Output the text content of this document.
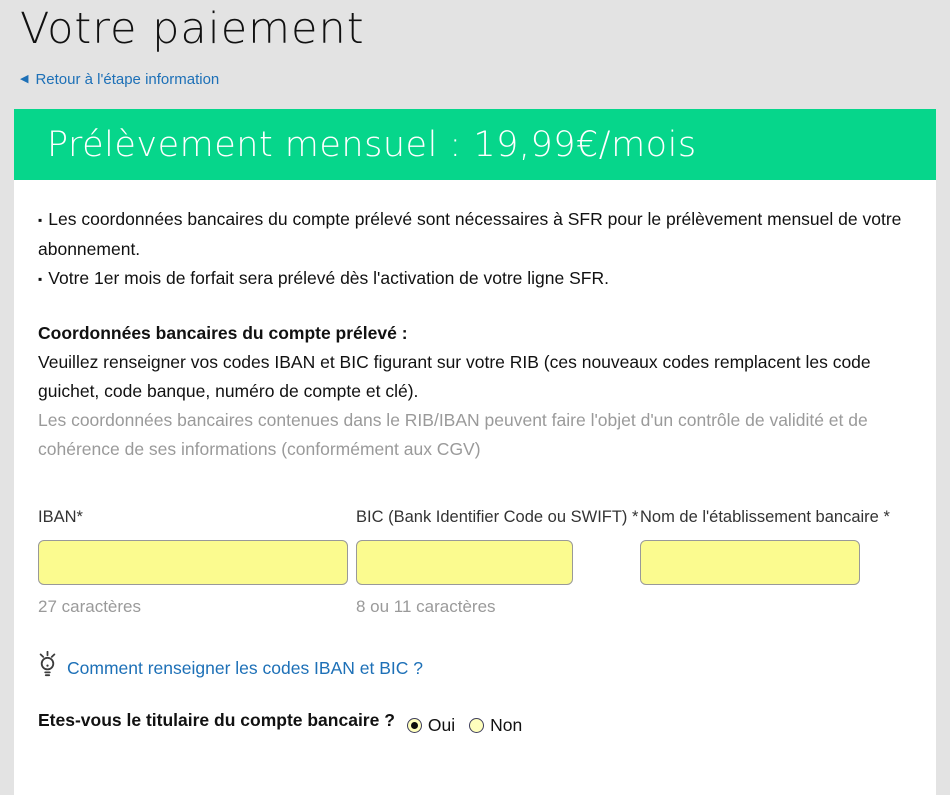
Votre paiement
◀ Retour à l'étape information
Prélèvement mensuel : 19,99€/mois

▪ Les coordonnées bancaires du compte prélevé sont nécessaires à SFR pour le prélèvement mensuel de votre abonnement.

▪ Votre 1er mois de forfait sera prélevé dès l'activation de votre ligne SFR.

Coordonnées bancaires du compte prélevé :
Veuillez renseigner vos codes IBAN et BIC figurant sur votre RIB (ces nouveaux codes remplacent les code guichet, code banque, numéro de compte et clé).
Les coordonnées bancaires contenues dans le RIB/IBAN peuvent faire l'objet d'un contrôle de validité et de cohérence de ses informations (conformément aux CGV)
IBAN*
27 caractères
BIC (Bank Identifier Code ou SWIFT) *
8 ou 11 caractères
Nom de l'établissement bancaire *
Comment renseigner les codes IBAN et BIC ?
Etes-vous le titulaire du compte bancaire ? Oui Non
